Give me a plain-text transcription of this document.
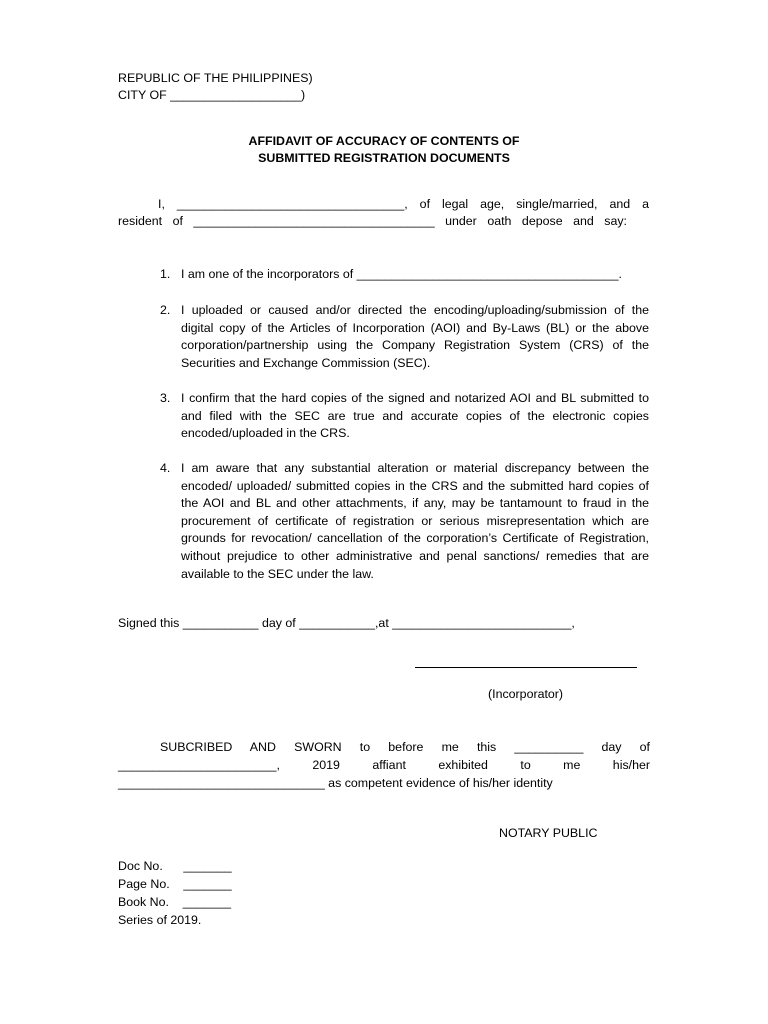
REPUBLIC OF THE PHILIPPINES)
CITY OF ___________________)
AFFIDAVIT OF ACCURACY OF CONTENTS OF
SUBMITTED REGISTRATION DOCUMENTS
I, _________________________________, of legal age, single/married, and a
resident of ___________________________________ under oath depose and say:
1. I am one of the incorporators of ______________________________________.
2. I uploaded or caused and/or directed the encoding/uploading/submission of the digital copy of the Articles of Incorporation (AOI) and By-Laws (BL) or the above corporation/partnership using the Company Registration System (CRS) of the Securities and Exchange Commission (SEC).
3. I confirm that the hard copies of the signed and notarized AOI and BL submitted to and filed with the SEC are true and accurate copies of the electronic copies encoded/uploaded in the CRS.
4. I am aware that any substantial alteration or material discrepancy between the encoded/ uploaded/ submitted copies in the CRS and the submitted hard copies of the AOI and BL and other attachments, if any, may be tantamount to fraud in the procurement of certificate of registration or serious misrepresentation which are grounds for revocation/ cancellation of the corporation’s Certificate of Registration, without prejudice to other administrative and penal sanctions/ remedies that are available to the SEC under the law.
Signed this ___________ day of ___________,at __________________________,
(Incorporator)
SUBCRIBED AND SWORN to before me this __________ day of
_______________________, 2019 affiant exhibited to me his/her
______________________________ as competent evidence of his/her identity
NOTARY PUBLIC
Doc No.      _______
Page No.    _______
Book No.    _______
Series of 2019.
